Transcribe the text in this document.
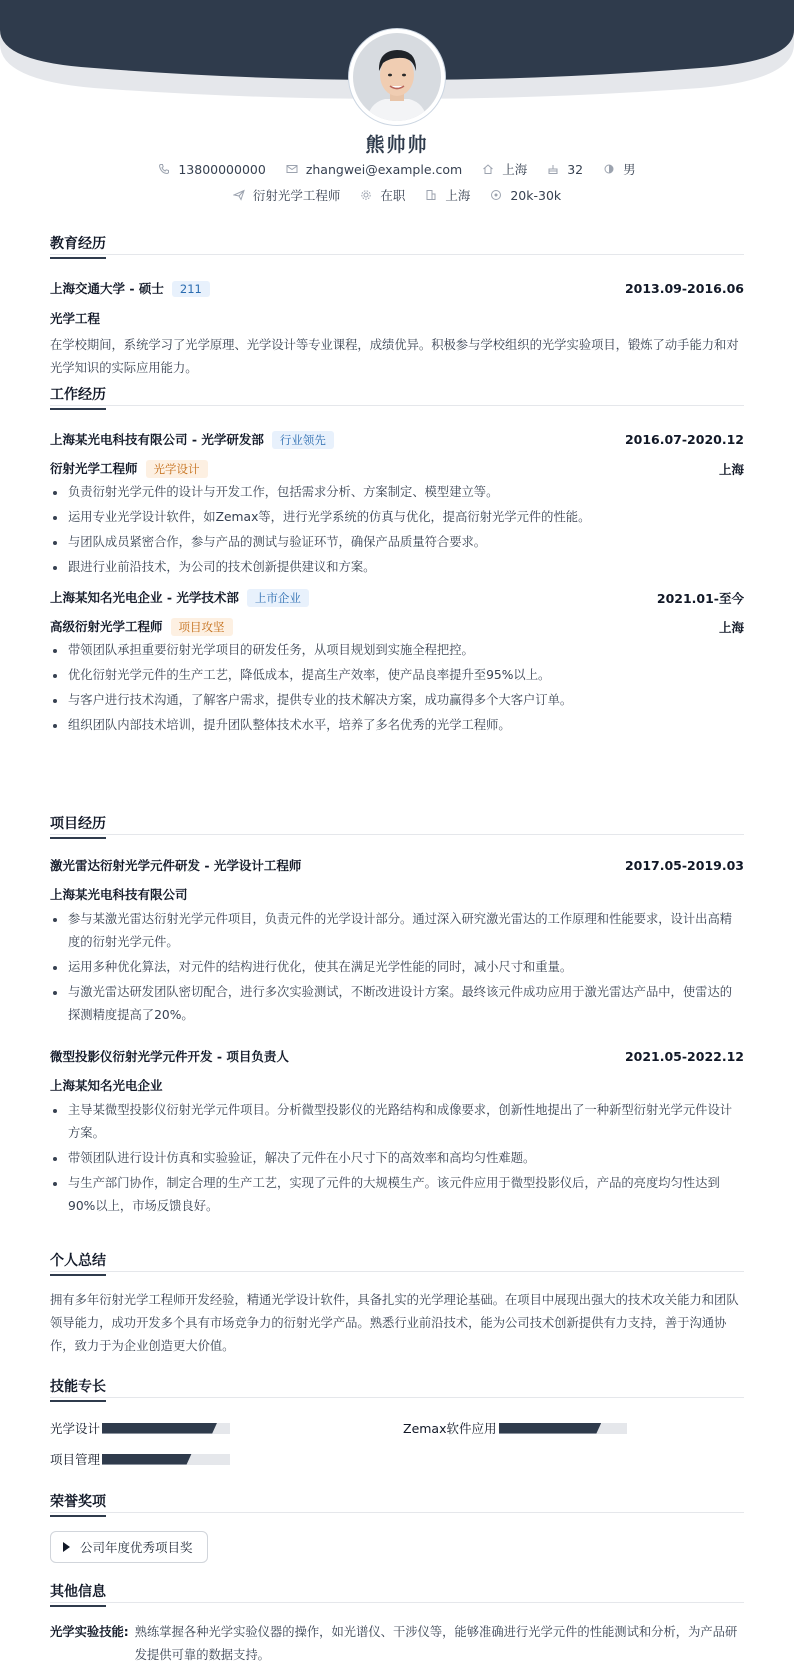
熊帅帅
13800000000	zhangwei@example.com	上海	32	男
衍射光学工程师	在职	上海	20k-30k
教育经历
上海交通大学 - 硕士 211	2013.09-2016.06
光学工程
在学校期间，系统学习了光学原理、光学设计等专业课程，成绩优异。积极参与学校组织的光学实验项目，锻炼了动手能力和对光学知识的实际应用能力。
工作经历
上海某光电科技有限公司 - 光学研发部 行业领先	2016.07-2020.12
衍射光学工程师 光学设计	上海
负责衍射光学元件的设计与开发工作，包括需求分析、方案制定、模型建立等。
运用专业光学设计软件，如Zemax等，进行光学系统的仿真与优化，提高衍射光学元件的性能。
与团队成员紧密合作，参与产品的测试与验证环节，确保产品质量符合要求。
跟进行业前沿技术，为公司的技术创新提供建议和方案。
上海某知名光电企业 - 光学技术部 上市企业	2021.01-至今
高级衍射光学工程师 项目攻坚	上海
带领团队承担重要衍射光学项目的研发任务，从项目规划到实施全程把控。
优化衍射光学元件的生产工艺，降低成本，提高生产效率，使产品良率提升至95%以上。
与客户进行技术沟通，了解客户需求，提供专业的技术解决方案，成功赢得多个大客户订单。
组织团队内部技术培训，提升团队整体技术水平，培养了多名优秀的光学工程师。
项目经历
激光雷达衍射光学元件研发 - 光学设计工程师	2017.05-2019.03
上海某光电科技有限公司
参与某激光雷达衍射光学元件项目，负责元件的光学设计部分。通过深入研究激光雷达的工作原理和性能要求，设计出高精度的衍射光学元件。
运用多种优化算法，对元件的结构进行优化，使其在满足光学性能的同时，减小尺寸和重量。
与激光雷达研发团队密切配合，进行多次实验测试，不断改进设计方案。最终该元件成功应用于激光雷达产品中，使雷达的探测精度提高了20%。
微型投影仪衍射光学元件开发 - 项目负责人	2021.05-2022.12
上海某知名光电企业
主导某微型投影仪衍射光学元件项目。分析微型投影仪的光路结构和成像要求，创新性地提出了一种新型衍射光学元件设计方案。
带领团队进行设计仿真和实验验证，解决了元件在小尺寸下的高效率和高均匀性难题。
与生产部门协作，制定合理的生产工艺，实现了元件的大规模生产。该元件应用于微型投影仪后，产品的亮度均匀性达到90%以上，市场反馈良好。
个人总结
拥有多年衍射光学工程师开发经验，精通光学设计软件，具备扎实的光学理论基础。在项目中展现出强大的技术攻关能力和团队领导能力，成功开发多个具有市场竞争力的衍射光学产品。熟悉行业前沿技术，能为公司技术创新提供有力支持，善于沟通协作，致力于为企业创造更大价值。
技能专长
光学设计	Zemax软件应用
项目管理
荣誉奖项
公司年度优秀项目奖
其他信息
光学实验技能: 熟练掌握各种光学实验仪器的操作，如光谱仪、干涉仪等，能够准确进行光学元件的性能测试和分析，为产品研发提供可靠的数据支持。
